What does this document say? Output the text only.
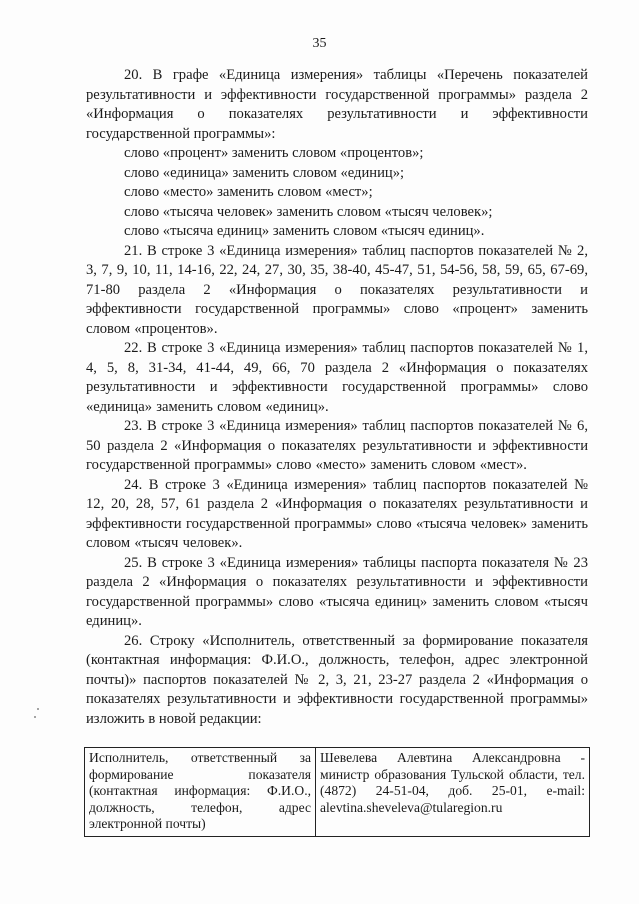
35

20. В графе «Единица измерения» таблицы «Перечень показателей результативности и эффективности государственной программы» раздела 2 «Информация о показателях результативности и эффективности государственной программы»:

слово «процент» заменить словом «процентов»;

слово «единица» заменить словом «единиц»;

слово «место» заменить словом «мест»;

слово «тысяча человек» заменить словом «тысяч человек»;

слово «тысяча единиц» заменить словом «тысяч единиц».

21. В строке 3 «Единица измерения» таблиц паспортов показателей № 2, 3, 7, 9, 10, 11, 14-16, 22, 24, 27, 30, 35, 38-40, 45-47, 51, 54-56, 58, 59, 65, 67-69, 71-80 раздела 2 «Информация о показателях результативности и эффективности государственной программы» слово «процент» заменить словом «процентов».

22. В строке 3 «Единица измерения» таблиц паспортов показателей № 1, 4, 5, 8, 31-34, 41-44, 49, 66, 70 раздела 2 «Информация о показателях результативности и эффективности государственной программы» слово «единица» заменить словом «единиц».

23. В строке 3 «Единица измерения» таблиц паспортов показателей № 6, 50 раздела 2 «Информация о показателях результативности и эффективности государственной программы» слово «место» заменить словом «мест».

24. В строке 3 «Единица измерения» таблиц паспортов показателей № 12, 20, 28, 57, 61 раздела 2 «Информация о показателях результативности и эффективности государственной программы» слово «тысяча человек» заменить словом «тысяч человек».

25. В строке 3 «Единица измерения» таблицы паспорта показателя № 23 раздела 2 «Информация о показателях результативности и эффективности государственной программы» слово «тысяча единиц» заменить словом «тысяч единиц».

26. Строку «Исполнитель, ответственный за формирование показателя (контактная информация: Ф.И.О., должность, телефон, адрес электронной почты)» паспортов показателей № 2, 3, 21, 23-27 раздела 2 «Информация о показателях результативности и эффективности государственной программы» изложить в новой редакции:

Исполнитель, ответственный за формирование показателя (контактная информация: Ф.И.О., должность, телефон, адрес электронной почты)	Шевелева Алевтина Александровна - министр образования Тульской области, тел. (4872) 24-51-04, доб. 25-01, e-mail: alevtina.sheveleva@tularegion.ru
